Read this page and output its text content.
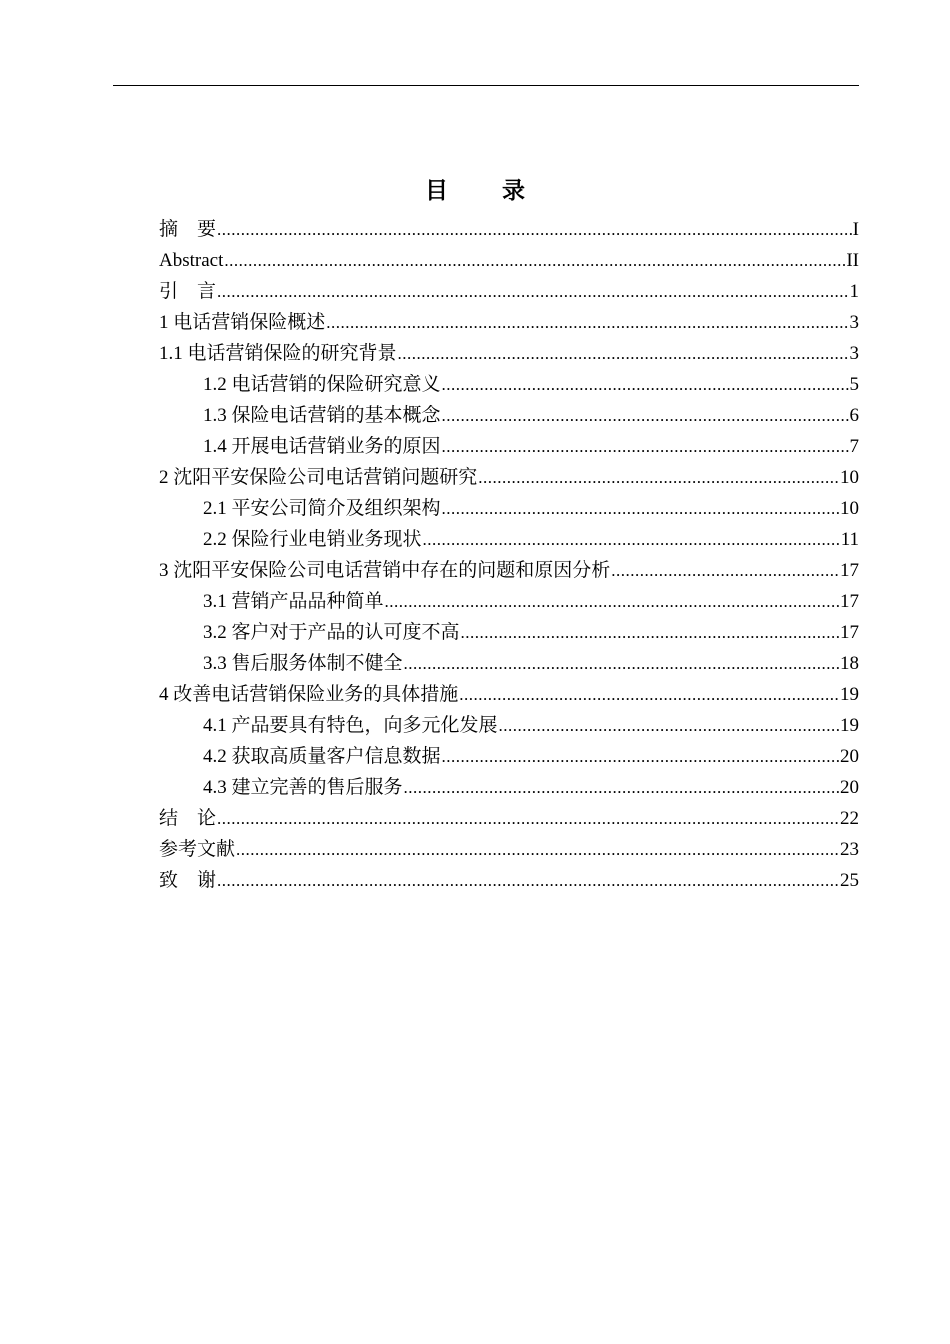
目 录
摘　要 .....	I
Abstract .....	II
引　言 .....	1
1 电话营销保险概述 .....	3
1.1 电话营销保险的研究背景 .....	3
1.2 电话营销的保险研究意义 .....	5
1.3 保险电话营销的基本概念 .....	6
1.4 开展电话营销业务的原因 .....	7
2 沈阳平安保险公司电话营销问题研究 .....	10
2.1 平安公司简介及组织架构 .....	10
2.2 保险行业电销业务现状 .....	11
3 沈阳平安保险公司电话营销中存在的问题和原因分析 .....	17
3.1 营销产品品种简单 .....	17
3.2 客户对于产品的认可度不高 .....	17
3.3 售后服务体制不健全 .....	18
4 改善电话营销保险业务的具体措施 .....	19
4.1 产品要具有特色，向多元化发展 .....	19
4.2 获取高质量客户信息数据 .....	20
4.3 建立完善的售后服务 .....	20
结　论 .....	22
参考文献 .....	23
致　谢 .....	25
